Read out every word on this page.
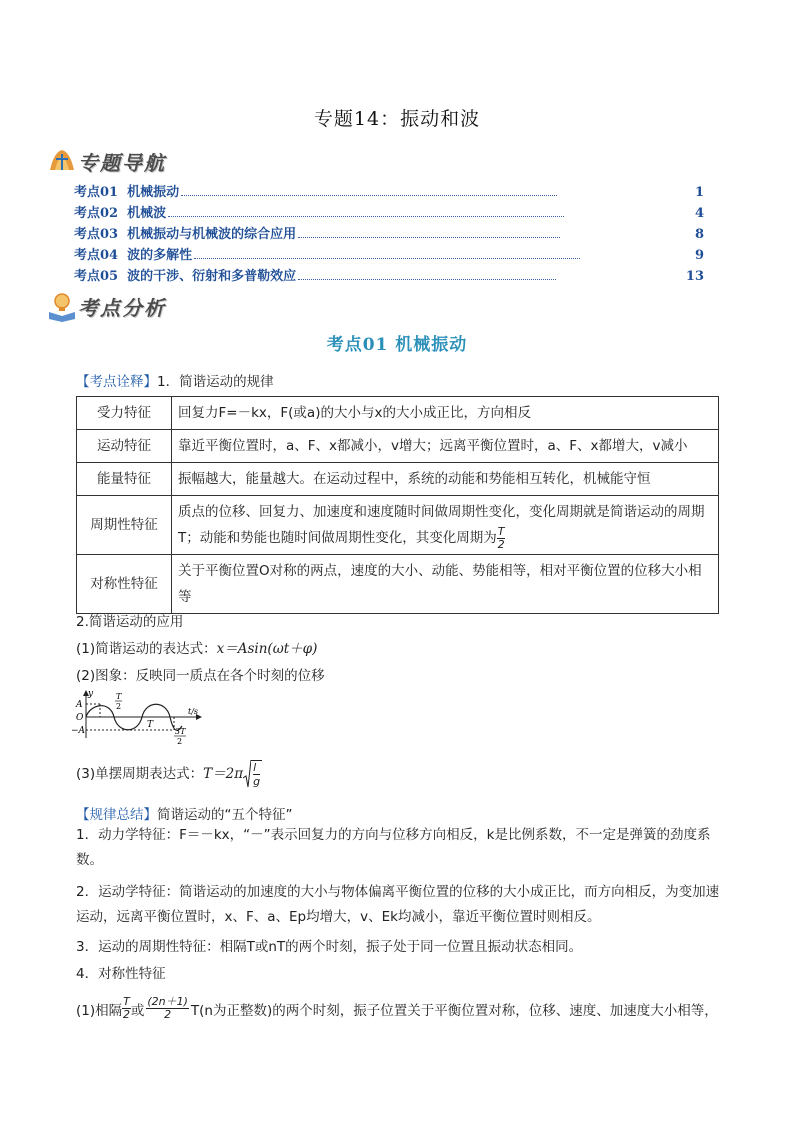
专题14：振动和波
专题导航
考点01 机械振动	1
考点02 机械波	4
考点03 机械振动与机械波的综合应用	8
考点04 波的多解性	9
考点05 波的干涉、衍射和多普勒效应	13
考点分析
考点01 机械振动
【考点诠释】1．简谐运动的规律
受力特征	回复力F=－kx，F(或a)的大小与x的大小成正比，方向相反
运动特征	靠近平衡位置时，a、F、x都减小，v增大；远离平衡位置时，a、F、x都增大，v减小
能量特征	振幅越大，能量越大。在运动过程中，系统的动能和势能相互转化，机械能守恒
周期性特征	质点的位移、回复力、加速度和速度随时间做周期性变化，变化周期就是简谐运动的周期
T；动能和势能也随时间做周期性变化，其变化周期为 $\frac{T}{2}$

对称性特征	关于平衡位置O对称的两点，速度的大小、动能、势能相等，相对平衡位置的位移大小相等
2.简谐运动的应用
(1)简谐运动的表达式：x＝Asin(ωt＋φ)
(2)图象：反映同一质点在各个时刻的位移
y
A
O
−A
T
2
T
3T
2
t/s
(3)单摆周期表达式：$T=2\pi \frac{l}{g}$
【规律总结】简谐运动的“五个特征”
1．动力学特征：F＝－kx，“－”表示回复力的方向与位移方向相反，k是比例系数，不一定是弹簧的劲度系数。
2．运动学特征：简谐运动的加速度的大小与物体偏离平衡位置的位移的大小成正比，而方向相反，为变加速运动，远离平衡位置时，x、F、a、Ep均增大，v、Ek均减小，靠近平衡位置时则相反。
3．运动的周期性特征：相隔T或nT的两个时刻，振子处于同一位置且振动状态相同。
4．对称性特征
(1)相隔 $\frac{T}{2}$ 或 $\frac{(2n+1)}{2} T(n$为正整数)的两个时刻，振子位置关于平衡位置对称，位移、速度、加速度大小相等，
